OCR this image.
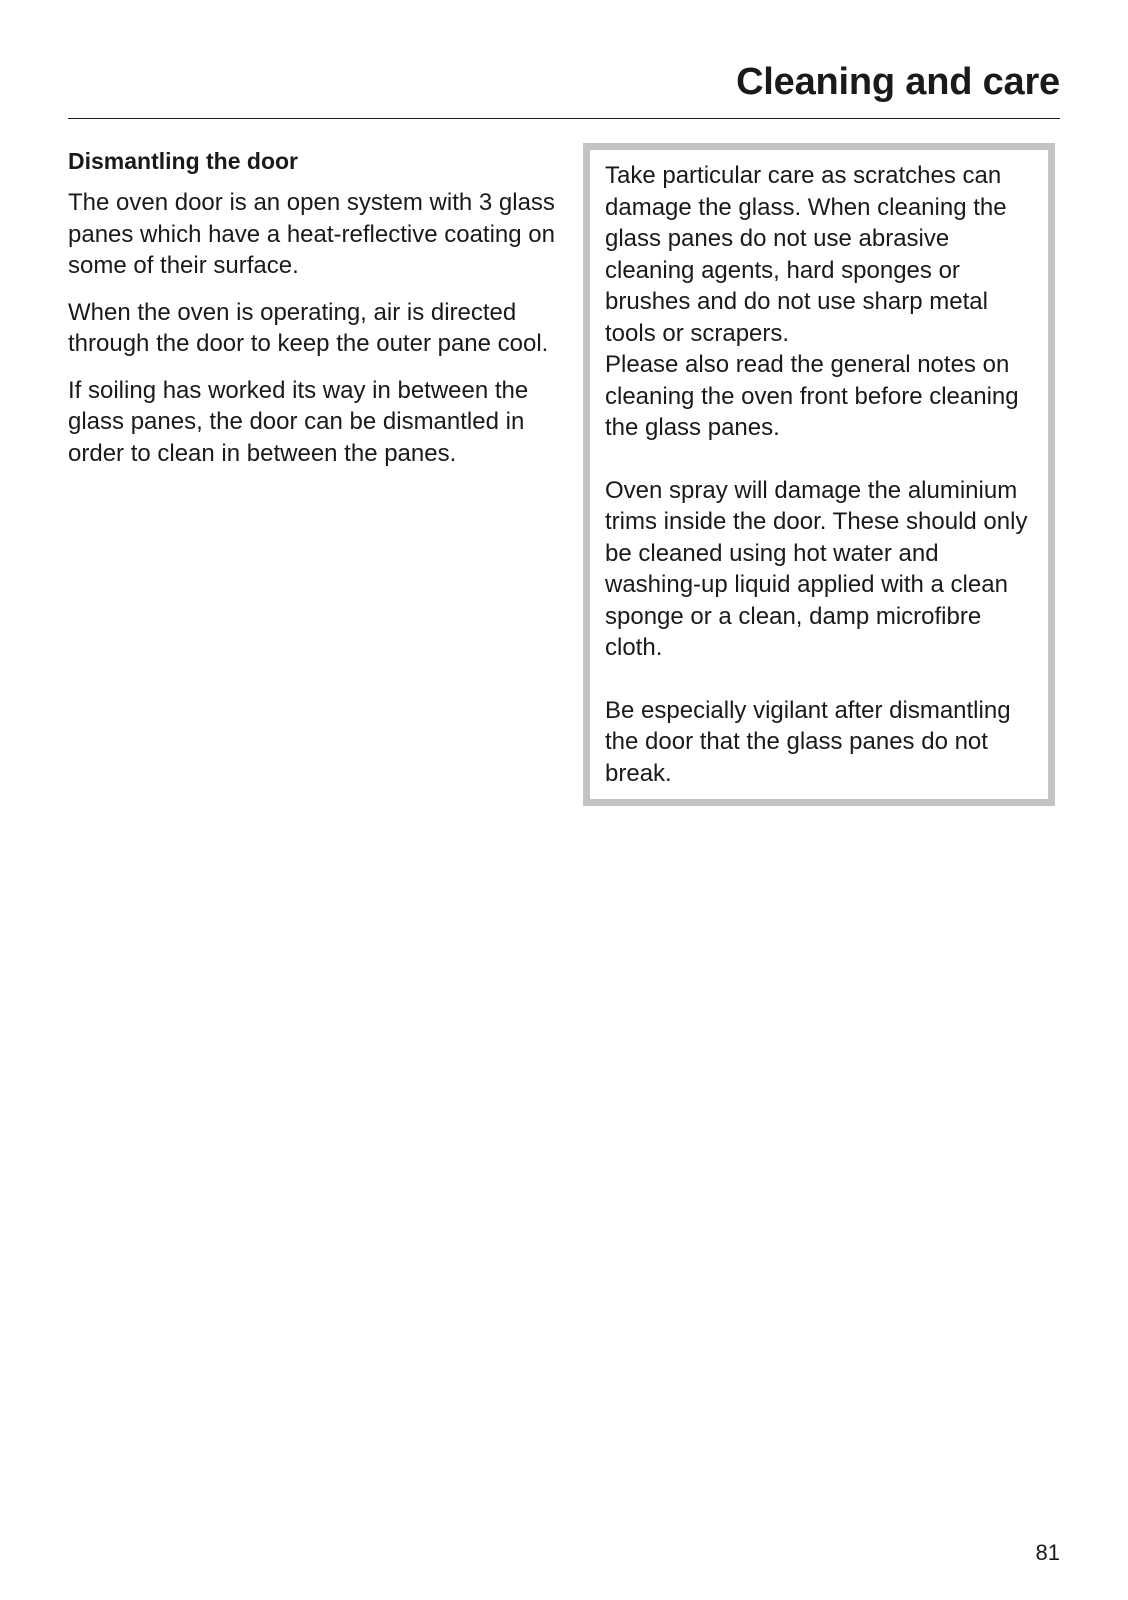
Cleaning and care
Dismantling the door

The oven door is an open system with 3 glass panes which have a heat-reflective coating on some of their surface.

When the oven is operating, air is directed through the door to keep the outer pane cool.

If soiling has worked its way in between the glass panes, the door can be dismantled in order to clean in between the panes.

Take particular care as scratches can damage the glass. When cleaning the glass panes do not use abrasive cleaning agents, hard sponges or brushes and do not use sharp metal tools or scrapers.

Please also read the general notes on cleaning the oven front before cleaning the glass panes.

Oven spray will damage the aluminium trims inside the door. These should only be cleaned using hot water and washing-up liquid applied with a clean sponge or a clean, damp microfibre cloth.

Be especially vigilant after dismantling the door that the glass panes do not break.

81
